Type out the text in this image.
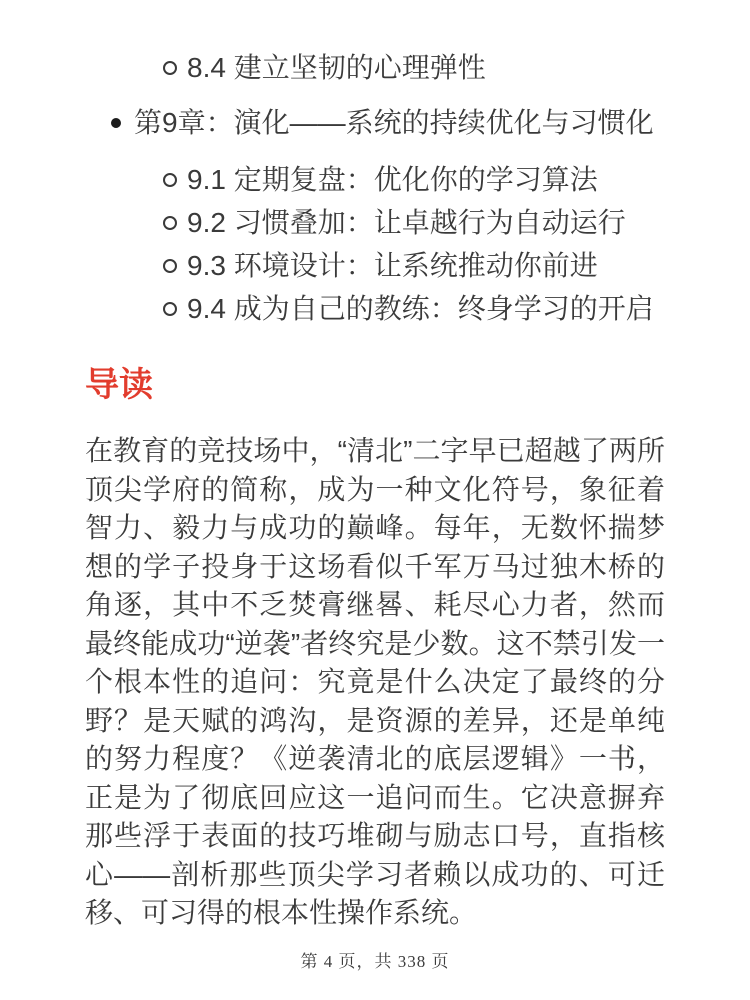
8.4 建立坚韧的心理弹性
第9章：演化——系统的持续优化与习惯化
9.1 定期复盘：优化你的学习算法
9.2 习惯叠加：让卓越行为自动运行
9.3 环境设计：让系统推动你前进
9.4 成为自己的教练：终身学习的开启
导读

在教育的竞技场中，“清北”二字早已超越了两所顶尖学府的简称，成为一种文化符号，象征着智力、毅力与成功的巅峰。每年，无数怀揣梦想的学子投身于这场看似千军万马过独木桥的角逐，其中不乏焚膏继晷、耗尽心力者，然而最终能成功“逆袭”者终究是少数。这不禁引发一个根本性的追问：究竟是什么决定了最终的分野？是天赋的鸿沟，是资源的差异，还是单纯的努力程度？《逆袭清北的底层逻辑》一书，正是为了彻底回应这一追问而生。它决意摒弃那些浮于表面的技巧堆砌与励志口号，直指核心——剖析那些顶尖学习者赖以成功的、可迁移、可习得的根本性操作系统。

第 4 页，共 338 页
